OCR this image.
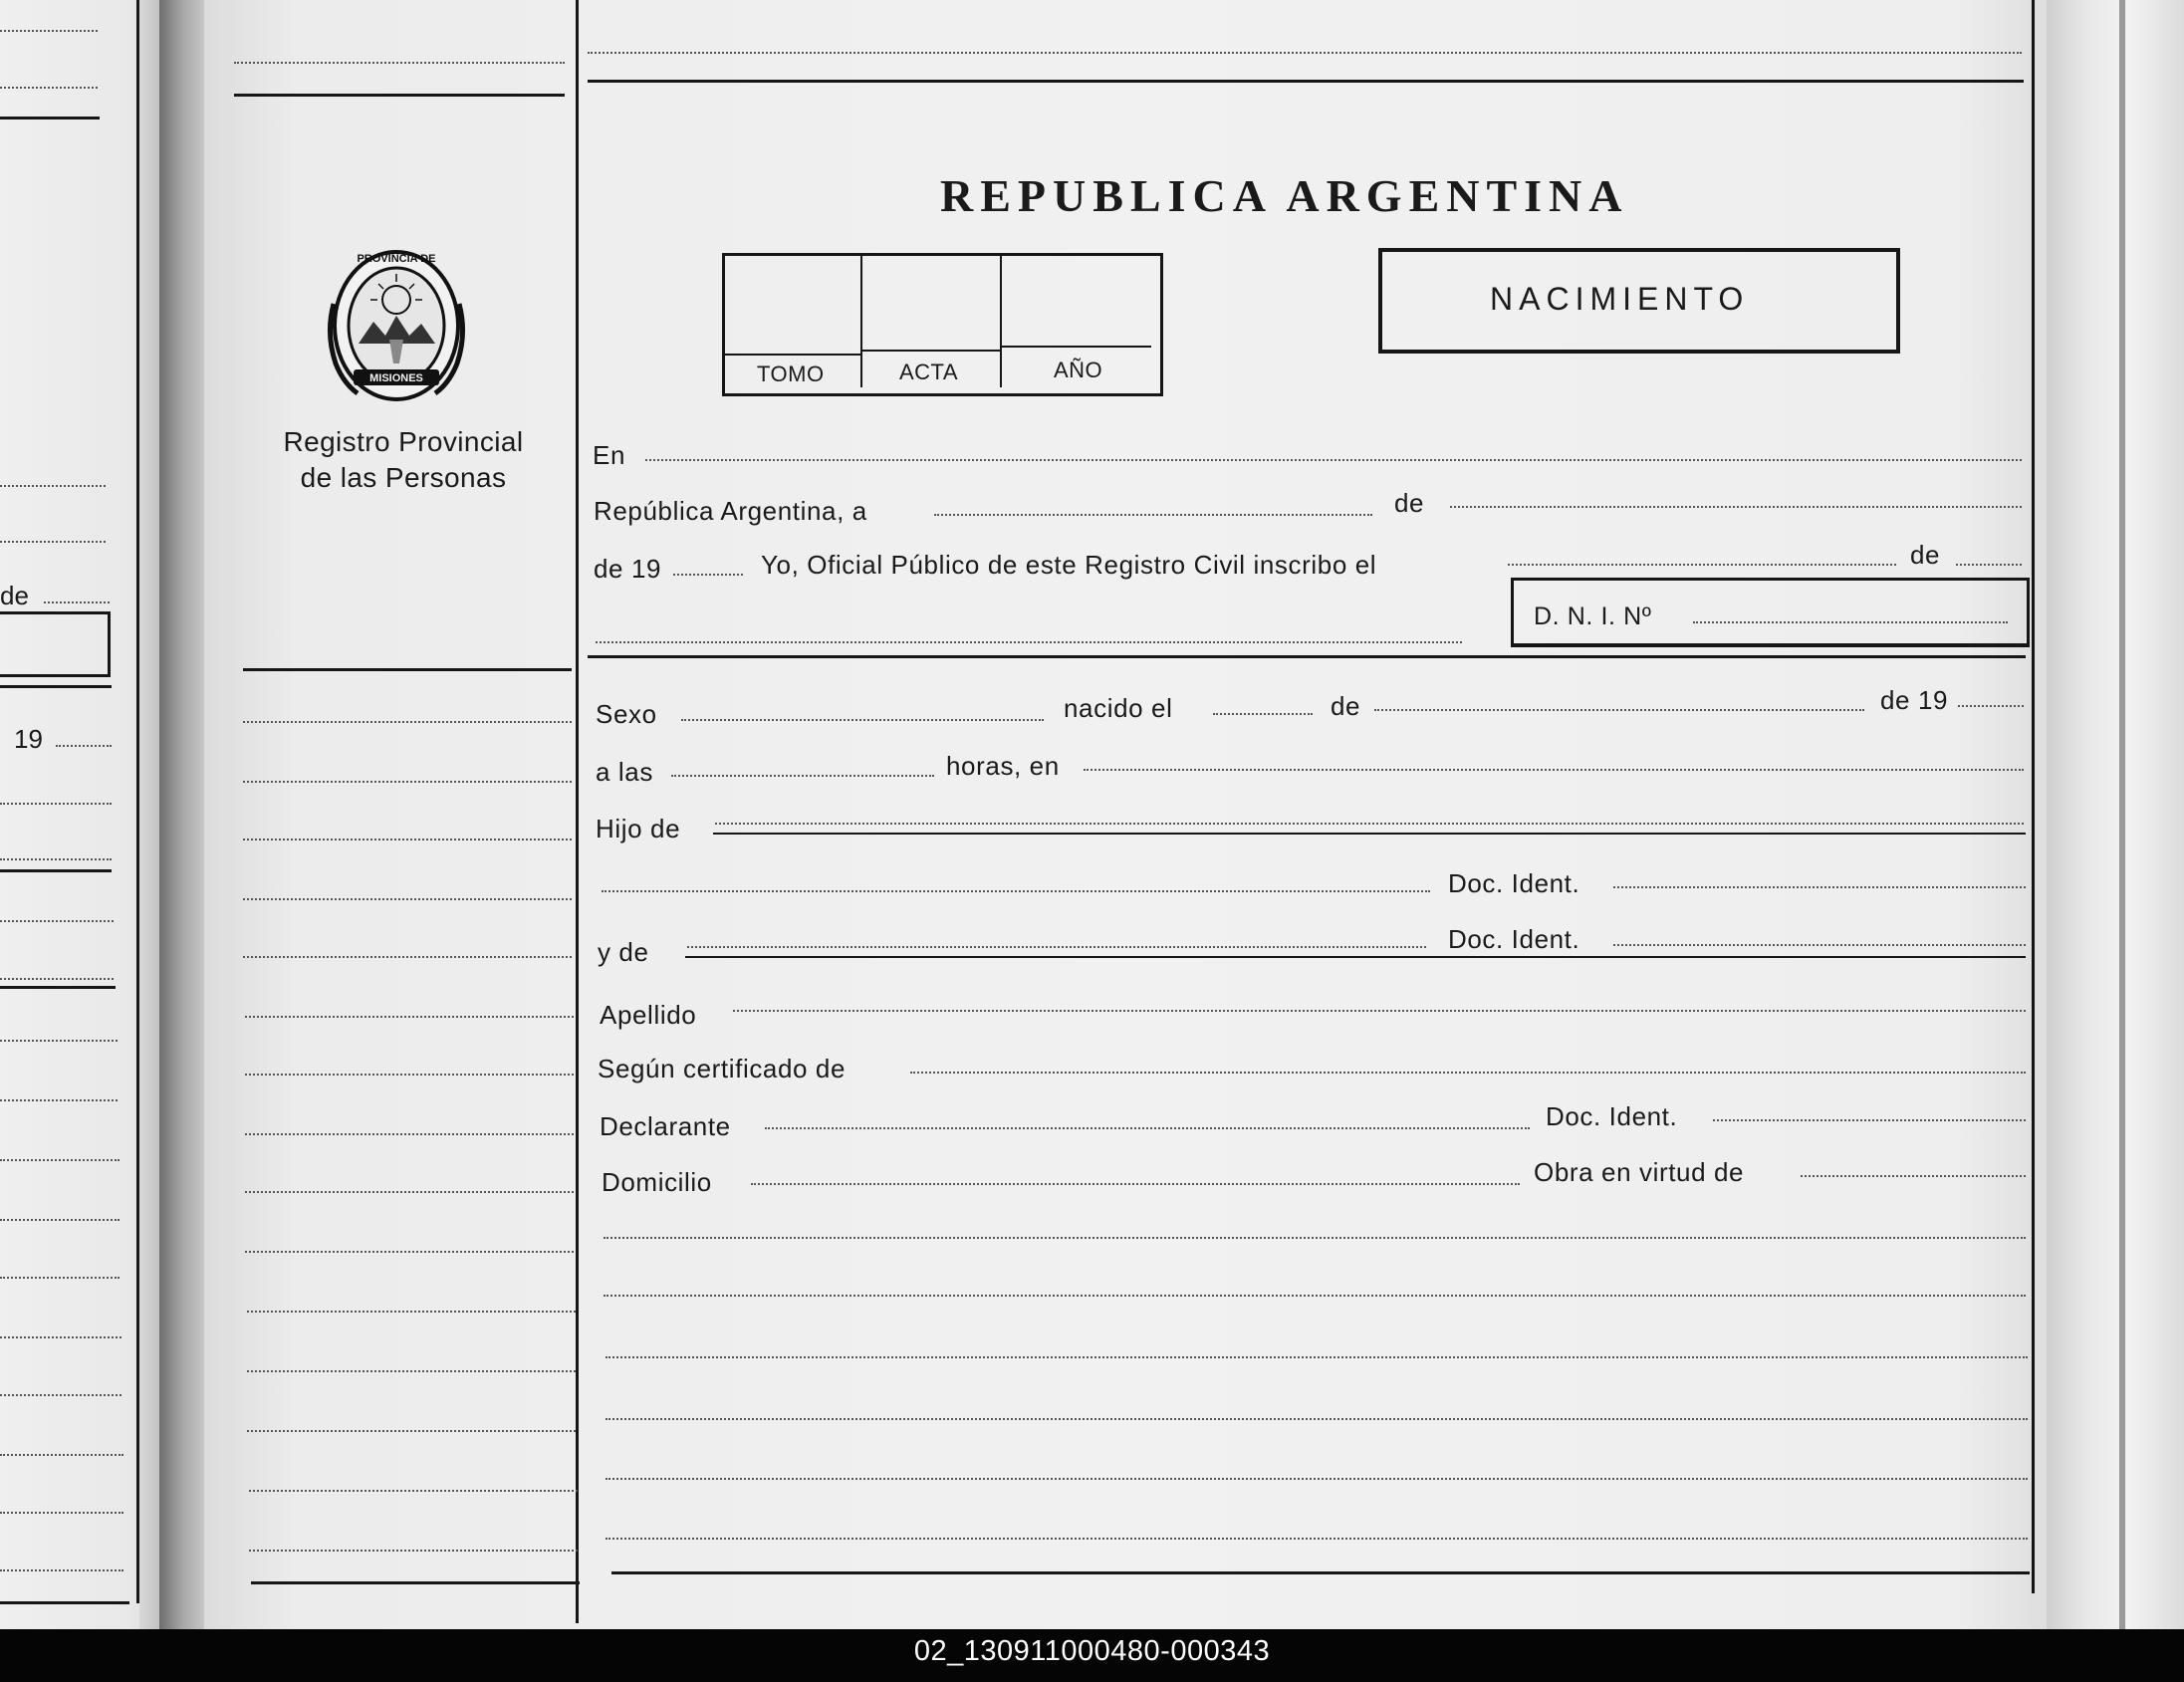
de
19
PROVINCIA DE
MISIONES
Registro Provincial
de las Personas
REPUBLICA ARGENTINA
TOMO	ACTA	AÑO
NACIMIENTO
En
República Argentina, a	de
de 19	Yo, Oficial Público de este Registro Civil inscribo el	de
D. N. I. Nº
Sexo	nacido el	de	de 19
a las	horas, en
Hijo de
Doc. Ident.
y de	Doc. Ident.
Apellido
Según certificado de
Declarante	Doc. Ident.
Domicilio	Obra en virtud de
02_130911000480-000343
